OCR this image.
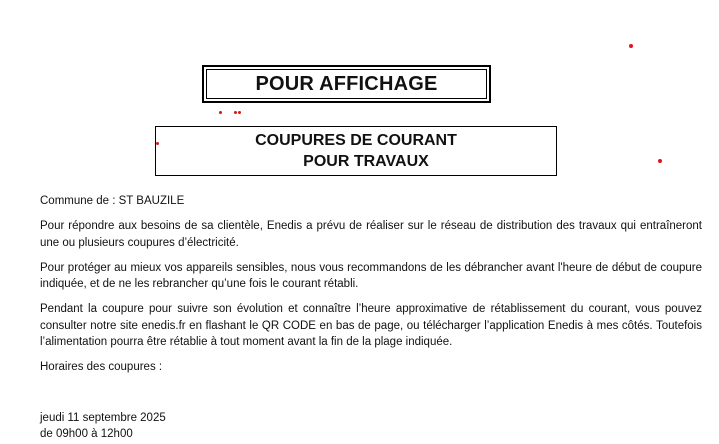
POUR AFFICHAGE
COUPURES DE COURANT
POUR TRAVAUX

Commune de : ST BAUZILE

Pour répondre aux besoins de sa clientèle, Enedis a prévu de réaliser sur le réseau de distribution des travaux qui entraîneront une ou plusieurs coupures d’électricité.

Pour protéger au mieux vos appareils sensibles, nous vous recommandons de les débrancher avant l'heure de début de coupure indiquée, et de ne les rebrancher qu’une fois le courant rétabli.

Pendant la coupure pour suivre son évolution et connaître l’heure approximative de rétablissement du courant, vous pouvez consulter notre site enedis.fr en flashant le QR CODE en bas de page, ou télécharger l’application Enedis à mes côtés. Toutefois l’alimentation pourra être rétablie à tout moment avant la fin de la plage indiquée.

Horaires des coupures :

jeudi 11 septembre 2025
de 09h00 à 12h00
